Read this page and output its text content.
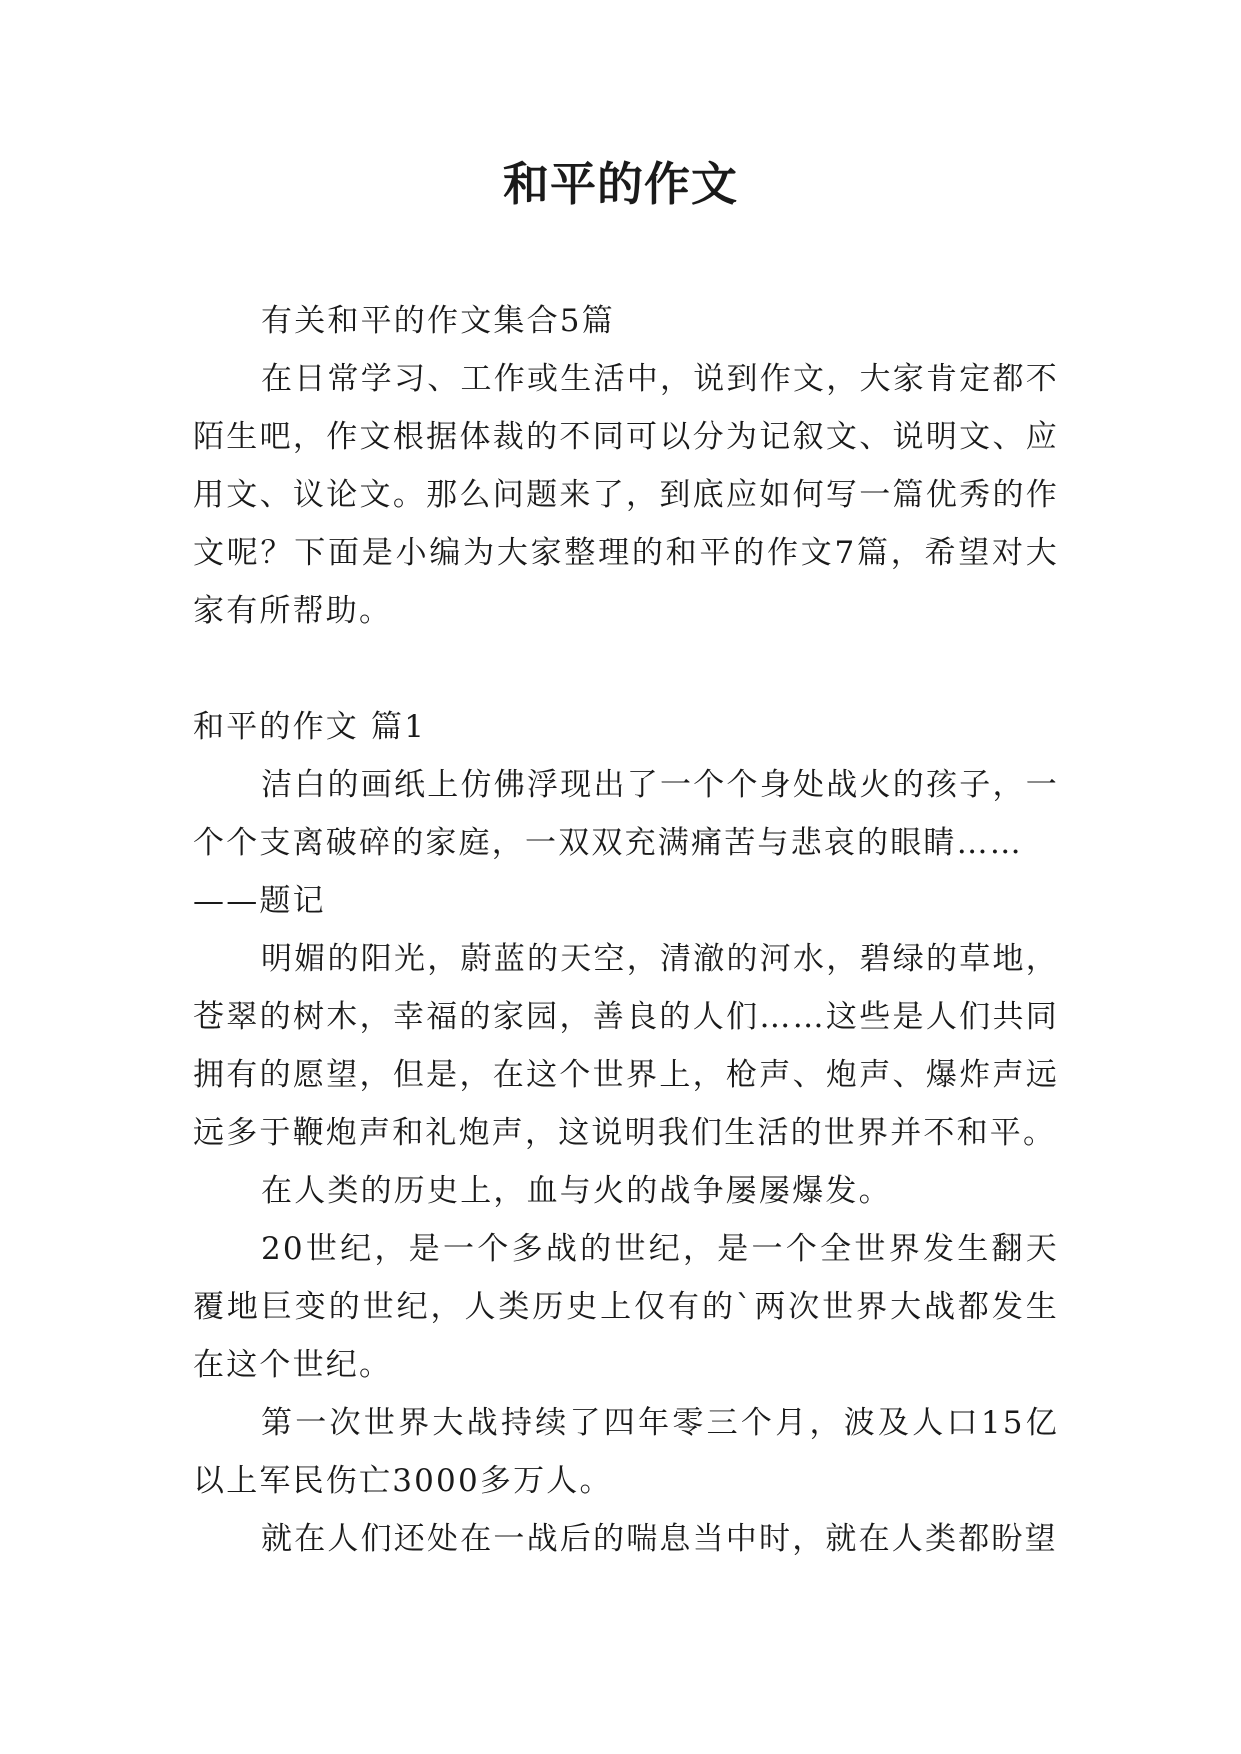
和平的作文

有关和平的作文集合5篇

在日常学习、工作或生活中，说到作文，大家肯定都不陌生吧，作文根据体裁的不同可以分为记叙文、说明文、应用文、议论文。那么问题来了，到底应如何写一篇优秀的作文呢？下面是小编为大家整理的和平的作文7篇，希望对大家有所帮助。

和平的作文 篇1

洁白的画纸上仿佛浮现出了一个个身处战火的孩子，一个个支离破碎的家庭，一双双充满痛苦与悲哀的眼睛……

——题记

明媚的阳光，蔚蓝的天空，清澈的河水，碧绿的草地，苍翠的树木，幸福的家园，善良的人们……这些是人们共同拥有的愿望，但是，在这个世界上，枪声、炮声、爆炸声远远多于鞭炮声和礼炮声，这说明我们生活的世界并不和平。

在人类的历史上，血与火的战争屡屡爆发。

20世纪，是一个多战的世纪，是一个全世界发生翻天覆地巨变的世纪，人类历史上仅有的`两次世界大战都发生在这个世纪。

第一次世界大战持续了四年零三个月，波及人口15亿以上军民伤亡3000多万人。

就在人们还处在一战后的喘息当中时，就在人类都盼望
